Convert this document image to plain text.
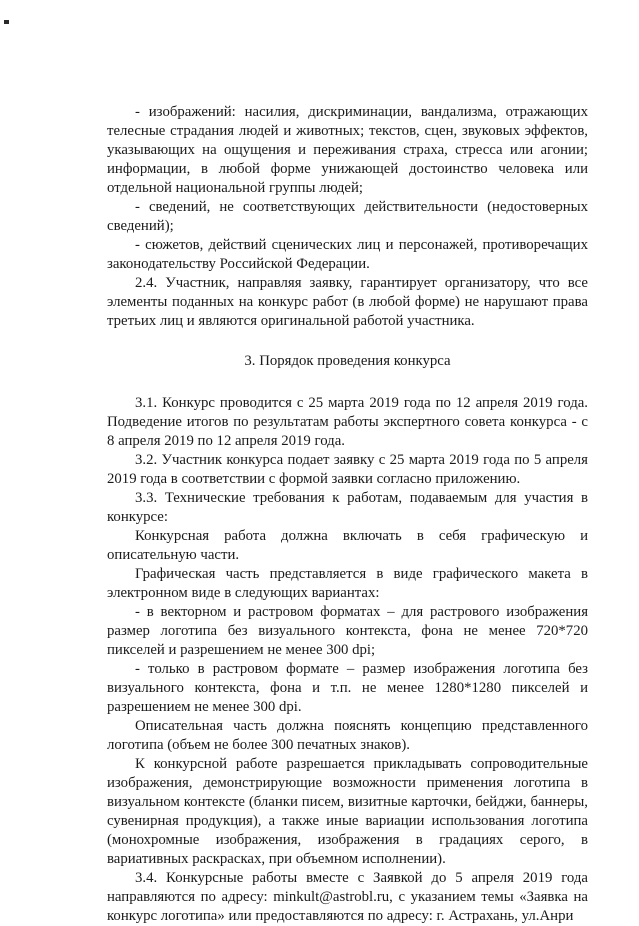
- изображений: насилия, дискриминации, вандализма, отражающих телесные страдания людей и животных; текстов, сцен, звуковых эффектов, указывающих на ощущения и переживания страха, стресса или агонии; информации, в любой форме унижающей достоинство человека или отдельной национальной группы людей;

- сведений, не соответствующих действительности (недостоверных сведений);

- сюжетов, действий сценических лиц и персонажей, противоречащих законодательству Российской Федерации.

2.4. Участник, направляя заявку, гарантирует организатору, что все элементы поданных на конкурс работ (в любой форме) не нарушают права третьих лиц и являются оригинальной работой участника.

3. Порядок проведения конкурса

3.1. Конкурс проводится с 25 марта 2019 года по 12 апреля 2019 года. Подведение итогов по результатам работы экспертного совета конкурса - с 8 апреля 2019 по 12 апреля 2019 года.

3.2. Участник конкурса подает заявку с 25 марта 2019 года по 5 апреля 2019 года в соответствии с формой заявки согласно приложению.

3.3. Технические требования к работам, подаваемым для участия в конкурсе:

Конкурсная работа должна включать в себя графическую и описательную части.

Графическая часть представляется в виде графического макета в электронном виде в следующих вариантах:

- в векторном и растровом форматах – для растрового изображения размер логотипа без визуального контекста, фона не менее 720*720 пикселей и разрешением не менее 300 dpi;

- только в растровом формате – размер изображения логотипа без визуального контекста, фона и т.п. не менее 1280*1280 пикселей и разрешением не менее 300 dpi.

Описательная часть должна пояснять концепцию представленного логотипа (объем не более 300 печатных знаков).

К конкурсной работе разрешается прикладывать сопроводительные изображения, демонстрирующие возможности применения логотипа в визуальном контексте (бланки писем, визитные карточки, бейджи, баннеры, сувенирная продукция), а также иные вариации использования логотипа (монохромные изображения, изображения в градациях серого, в вариативных раскрасках, при объемном исполнении).

3.4. Конкурсные работы вместе с Заявкой до 5 апреля 2019 года направляются по адресу: minkult@astrobl.ru, с указанием темы «Заявка на конкурс логотипа» или предоставляются по адресу: г. Астрахань, ул.Анри
